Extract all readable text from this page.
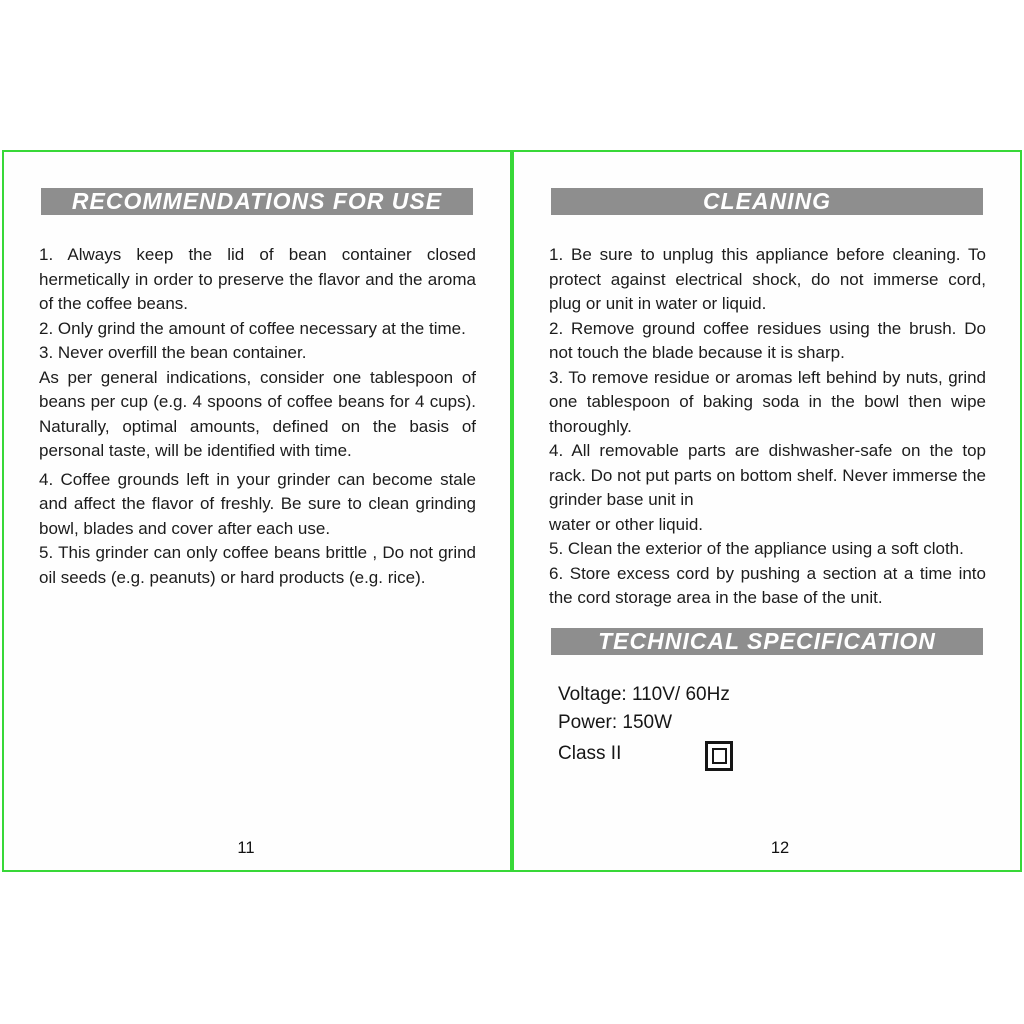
RECOMMENDATIONS FOR USE

1. Always keep the lid of bean container closed hermetically in order to preserve the flavor and the aroma of the coffee beans.

2. Only grind the amount of coffee necessary at the time.

3. Never overfill the bean container.

As per general indications, consider one tablespoon of beans per cup (e.g. 4 spoons of coffee beans for 4 cups). Naturally, optimal amounts, defined on the basis of personal taste, will be identified with time.

4. Coffee grounds left in your grinder can become stale and affect the flavor of freshly. Be sure to clean grinding bowl, blades and cover after each use.

5. This grinder can only coffee beans brittle , Do not grind oil seeds (e.g. peanuts) or hard products (e.g. rice).

11
CLEANING

1. Be sure to unplug this appliance before cleaning. To protect against electrical shock, do not immerse cord, plug or unit in water or liquid.

2. Remove ground coffee residues using the brush. Do not touch the blade because it is sharp.

3. To remove residue or aromas left behind by nuts, grind one tablespoon of baking soda in the bowl then wipe thoroughly.

4. All removable parts are dishwasher-safe on the top rack. Do not put parts on bottom shelf. Never immerse the grinder base unit in

water or other liquid.

5. Clean the exterior of the appliance using a soft cloth.

6. Store excess cord by pushing a section at a time into the cord storage area in the base of the unit.

TECHNICAL SPECIFICATION
Voltage: 110V/ 60Hz
Power: 150W
Class II
12
